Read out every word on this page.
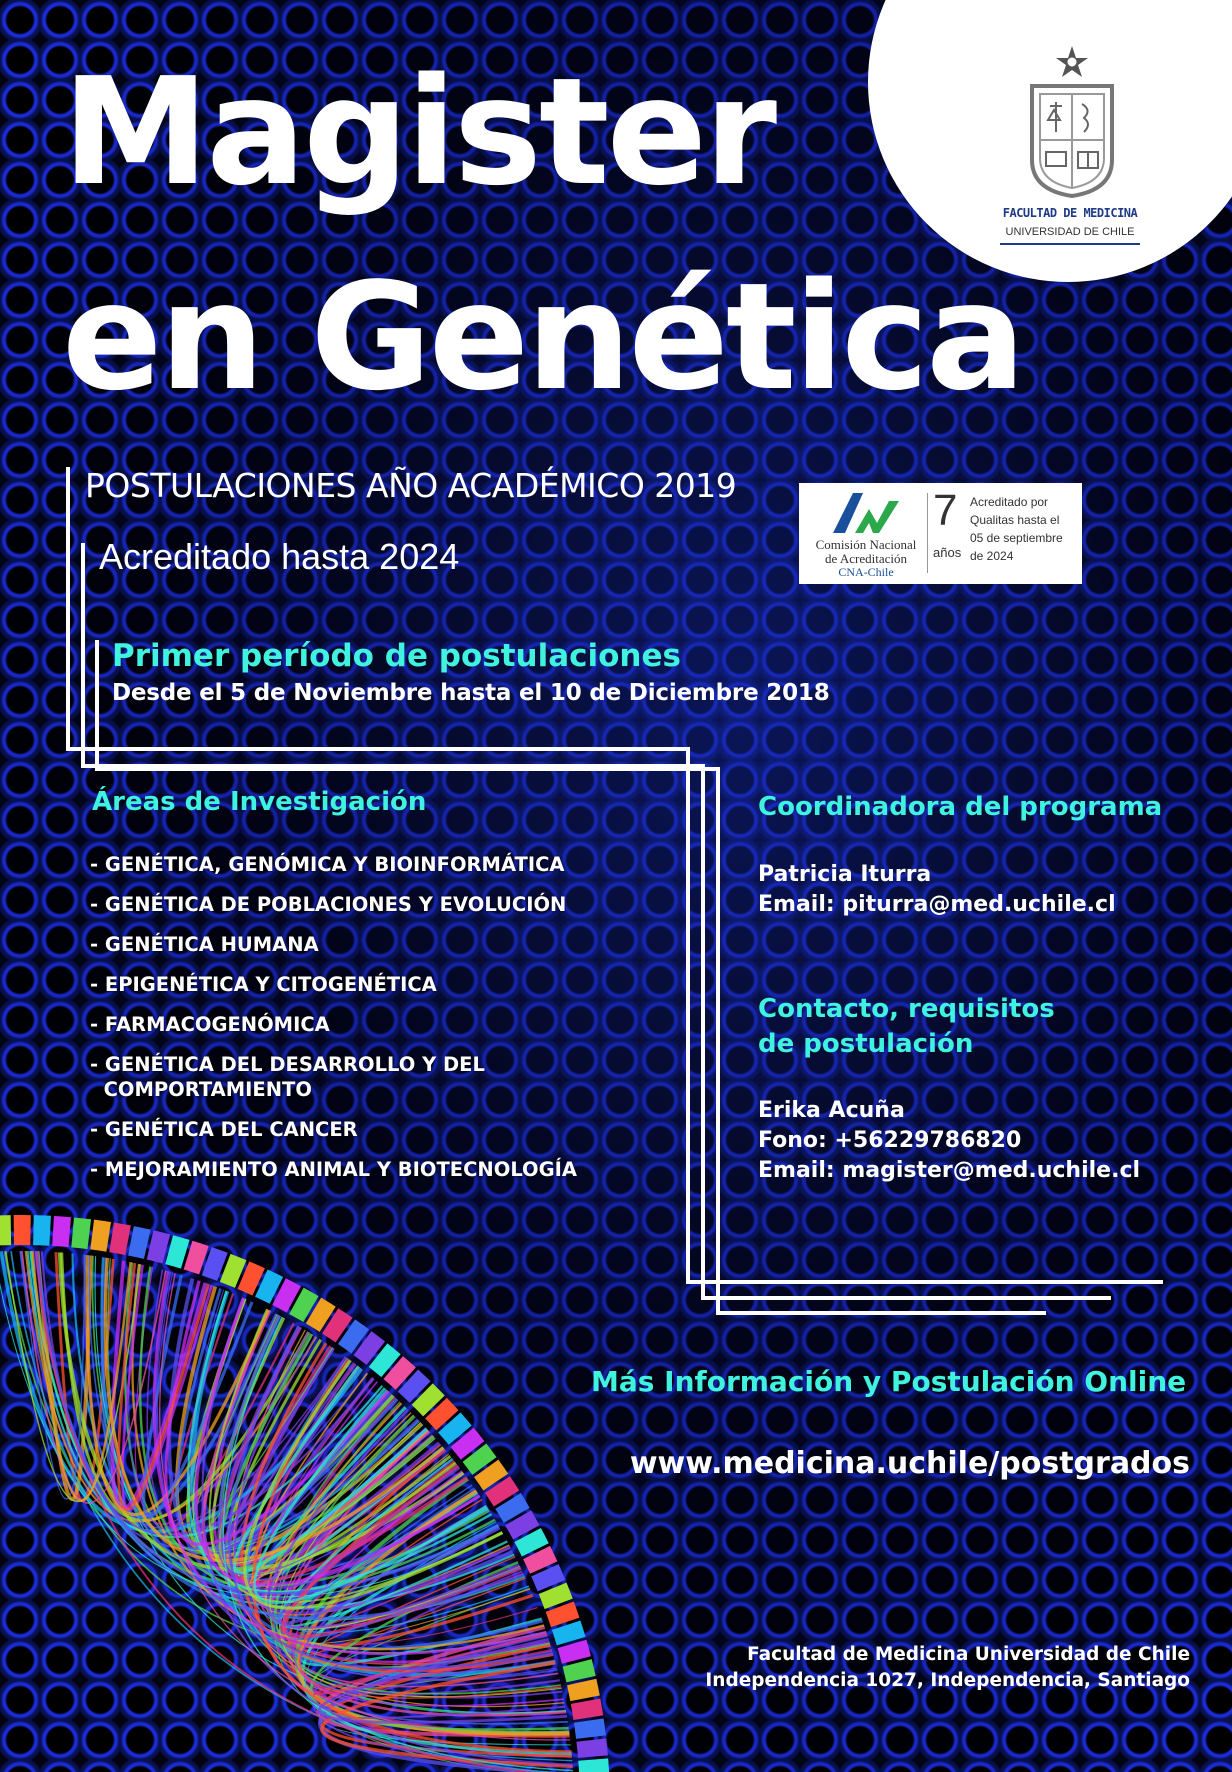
Magister
en Genética
FACULTAD DE MEDICINA
UNIVERSIDAD DE CHILE
POSTULACIONES AÑO ACADÉMICO 2019
Acreditado hasta 2024	Comisión Nacional
de Acreditación
CNA-Chile
7
años
Acreditado por
Qualitas hasta el
05 de septiembre
de 2024
Primer período de postulaciones
Desde el 5 de Noviembre hasta el 10 de Diciembre 2018
Áreas de Investigación
- GENÉTICA, GENÓMICA Y BIOINFORMÁTICA
- GENÉTICA DE POBLACIONES Y EVOLUCIÓN
- GENÉTICA HUMANA
- EPIGENÉTICA Y CITOGENÉTICA
- FARMACOGENÓMICA
- GENÉTICA DEL DESARROLLO Y DEL
COMPORTAMIENTO
- GENÉTICA DEL CANCER
- MEJORAMIENTO ANIMAL Y BIOTECNOLOGÍA
Coordinadora del programa
Patricia Iturra
Email: piturra@med.uchile.cl
Contacto, requisitos
de postulación
Erika Acuña
Fono: +56229786820
Email: magister@med.uchile.cl
Más Información y Postulación Online
www.medicina.uchile/postgrados
Facultad de Medicina Universidad de Chile
Independencia 1027, Independencia, Santiago
